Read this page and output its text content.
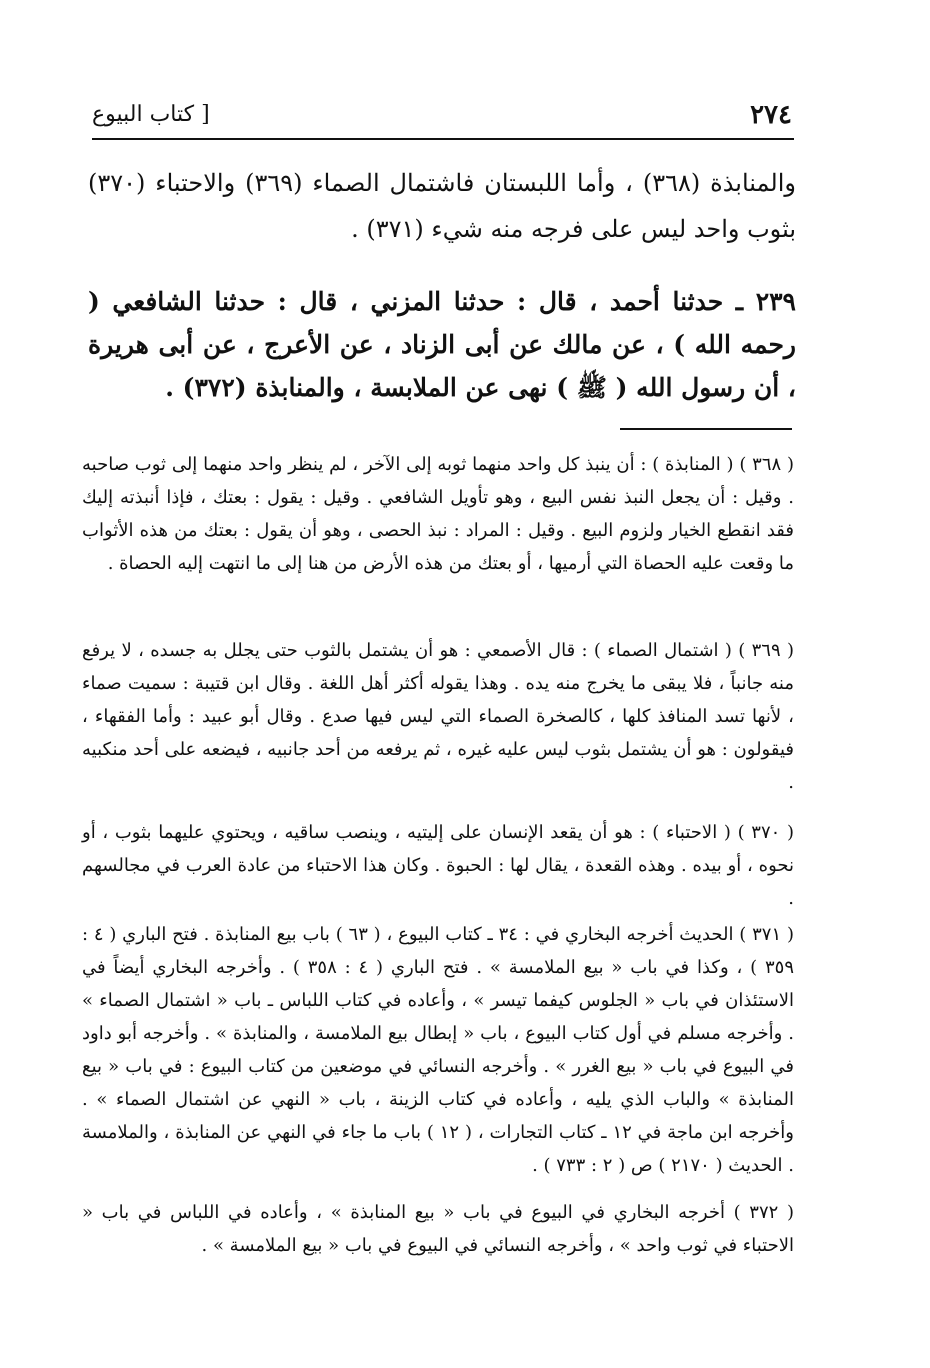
٢٧٤
[ كتاب البيوع

والمنابذة (٣٦٨) ، وأما اللبستان فاشتمال الصماء (٣٦٩) والاحتباء (٣٧٠) بثوب واحد ليس على فرجه منه شيء (٣٧١) .

٢٣٩ ـ حدثنا أحمد ، قال : حدثنا المزني ، قال : حدثنا الشافعي ( رحمه الله ) ، عن مالك عن أبى الزناد ، عن الأعرج ، عن أبى هريرة ، أن رسول الله ( ﷺ ) نهى عن الملابسة ، والمنابذة (٣٧٢) .

( ٣٦٨ ) ( المنابذة ) : أن ينبذ كل واحد منهما ثوبه إلى الآخر ، لم ينظر واحد منهما إلى ثوب صاحبه . وقيل : أن يجعل النبذ نفس البيع ، وهو تأويل الشافعي . وقيل : يقول : بعتك ، فإذا أنبذته إليك فقد انقطع الخيار ولزوم البيع . وقيل : المراد : نبذ الحصى ، وهو أن يقول : بعتك من هذه الأثواب ما وقعت عليه الحصاة التي أرميها ، أو بعتك من هذه الأرض من هنا إلى ما انتهت إليه الحصاة .

( ٣٦٩ ) ( اشتمال الصماء ) : قال الأصمعي : هو أن يشتمل بالثوب حتى يجلل به جسده ، لا يرفع منه جانباً ، فلا يبقى ما يخرج منه يده . وهذا يقوله أكثر أهل اللغة . وقال ابن قتيبة : سميت صماء ، لأنها تسد المنافذ كلها ، كالصخرة الصماء التي ليس فيها صدع . وقال أبو عبيد : وأما الفقهاء ، فيقولون : هو أن يشتمل بثوب ليس عليه غيره ، ثم يرفعه من أحد جانبيه ، فيضعه على أحد منكبيه .

( ٣٧٠ ) ( الاحتباء ) : هو أن يقعد الإنسان على إليتيه ، وينصب ساقيه ، ويحتوي عليهما بثوب ، أو نحوه ، أو بيده . وهذه القعدة ، يقال لها : الحبوة . وكان هذا الاحتباء من عادة العرب في مجالسهم .

( ٣٧١ ) الحديث أخرجه البخاري في : ٣٤ ـ كتاب البيوع ، ( ٦٣ ) باب بيع المنابذة . فتح الباري ( ٤ : ٣٥٩ ) ، وكذا في باب « بيع الملامسة » . فتح الباري ( ٤ : ٣٥٨ ) . وأخرجه البخاري أيضاً في الاستئذان في باب « الجلوس كيفما تيسر » ، وأعاده في كتاب اللباس ـ باب « اشتمال الصماء » . وأخرجه مسلم في أول كتاب البيوع ، باب « إبطال بيع الملامسة ، والمنابذة » . وأخرجه أبو داود في البيوع في باب « بيع الغرر » . وأخرجه النسائي في موضعين من كتاب البيوع : في باب « بيع المنابذة » والباب الذي يليه ، وأعاده في كتاب الزينة ، باب « النهي عن اشتمال الصماء » . وأخرجه ابن ماجة في ١٢ ـ كتاب التجارات ، ( ١٢ ) باب ما جاء في النهي عن المنابذة ، والملامسة . الحديث ( ٢١٧٠ ) ص ( ٢ : ٧٣٣ ) .

( ٣٧٢ ) أخرجه البخاري في البيوع في باب « بيع المنابذة » ، وأعاده في اللباس في باب « الاحتباء في ثوب واحد » ، وأخرجه النسائي في البيوع في باب « بيع الملامسة » .
